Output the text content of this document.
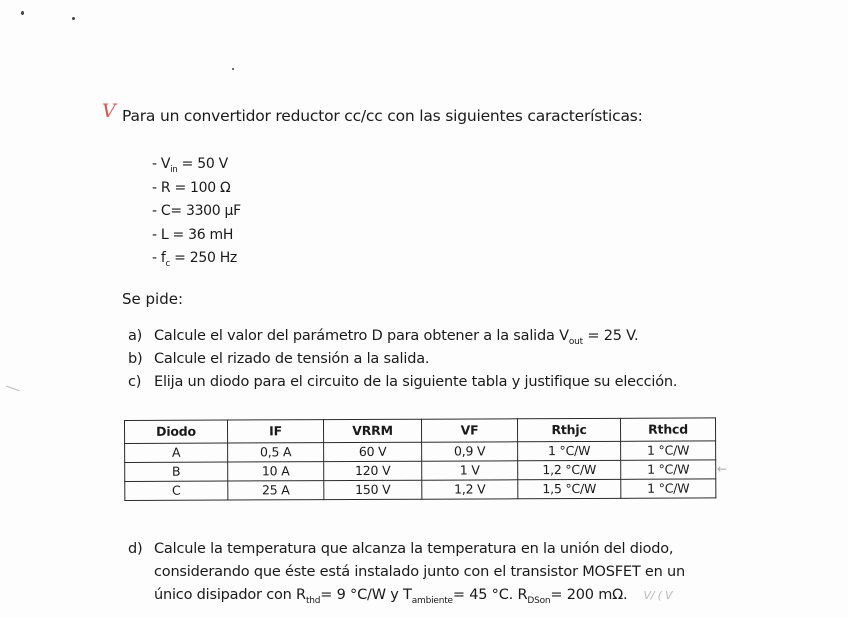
V Para un convertidor reductor cc/cc con las siguientes características:
- $V_{in} = 50$ V
- R = 100 Ω
- C= 3300 μF
- L = 36 mH
- $f_c = 250$ Hz
Se pide:
a) Calcule el valor del parámetro D para obtener a la salida $V_{out} = 25$ V.
b) Calcule el rizado de tensión a la salida.
c) Elija un diodo para el circuito de la siguiente tabla y justifique su elección.
Diodo	IF	VRRM	VF	Rthjc	Rthcd
A	0,5 A	60 V	0,9 V	1 °C/W	1 °C/W
B	10 A	120 V	1 V	1,2 °C/W	1 °C/W
C	25 A	150 V	1,2 V	1,5 °C/W	1 °C/W
←
d) Calcule la temperatura que alcanza la temperatura en la unión del diodo,
considerando que éste está instalado junto con el transistor MOSFET en un
único disipador con $R_{thd}= 9$ °C/W y $T_{ambiente}= 45$ °C. $R_{DSon}= 200$ mΩ. V/ ( V
